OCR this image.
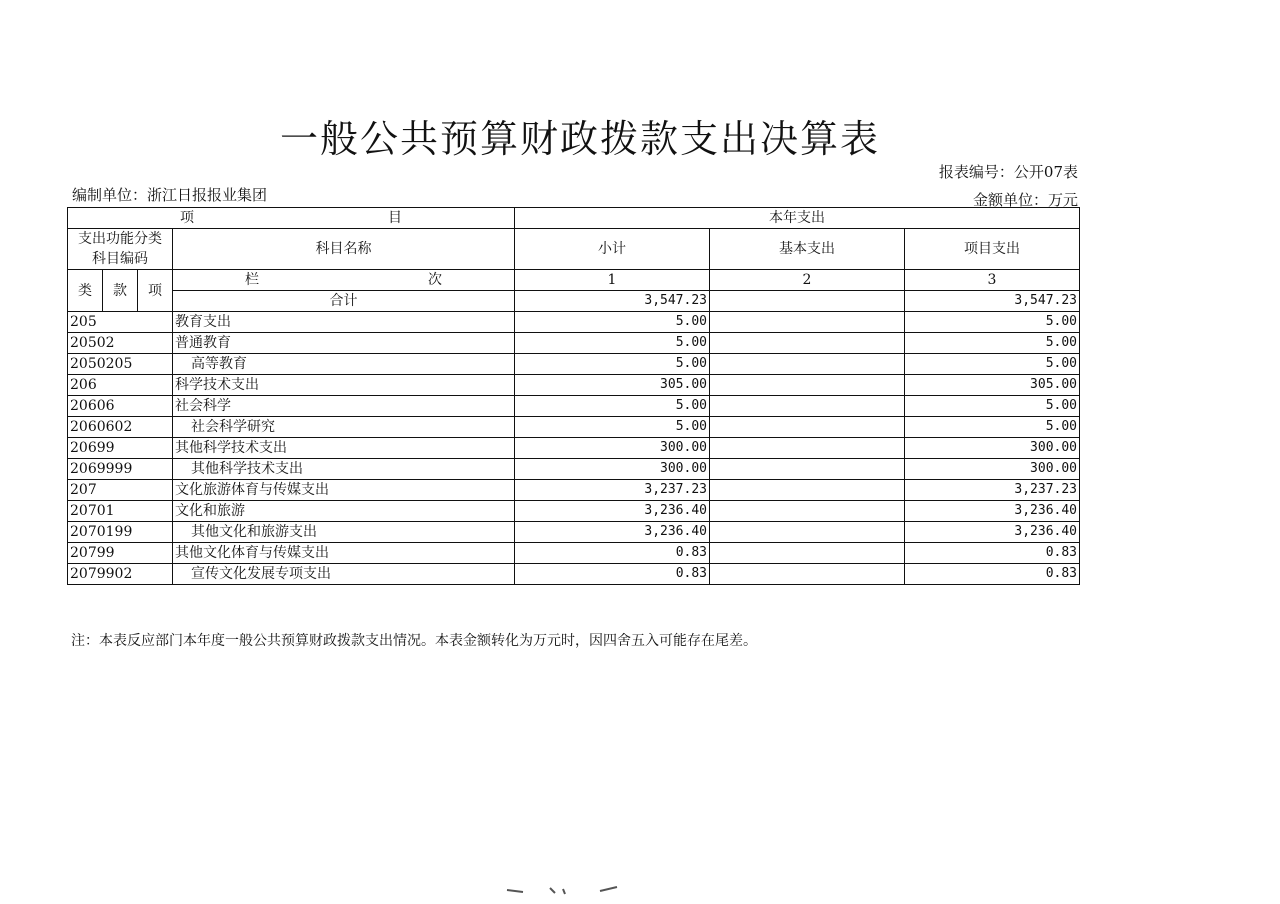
一般公共预算财政拨款支出决算表
报表编号：公开07表
编制单位：浙江日报报业集团	金额单位：万元
项 目				本年支出		
支出功能分类
科目编码			科目名称	小计	基本支出	项目支出
类	款	项	栏 次	1	2	3
			合计	3,547.23		3,547.23
205			教育支出	5.00		5.00
20502			普通教育	5.00		5.00
2050205			高等教育	5.00		5.00
206			科学技术支出	305.00		305.00
20606			社会科学	5.00		5.00
2060602			社会科学研究	5.00		5.00
20699			其他科学技术支出	300.00		300.00
2069999			其他科学技术支出	300.00		300.00
207			文化旅游体育与传媒支出	3,237.23		3,237.23
20701			文化和旅游	3,236.40		3,236.40
2070199			其他文化和旅游支出	3,236.40		3,236.40
20799			其他文化体育与传媒支出	0.83		0.83
2079902			宣传文化发展专项支出	0.83		0.83
注：本表反应部门本年度一般公共预算财政拨款支出情况。本表金额转化为万元时，因四舍五入可能存在尾差。
